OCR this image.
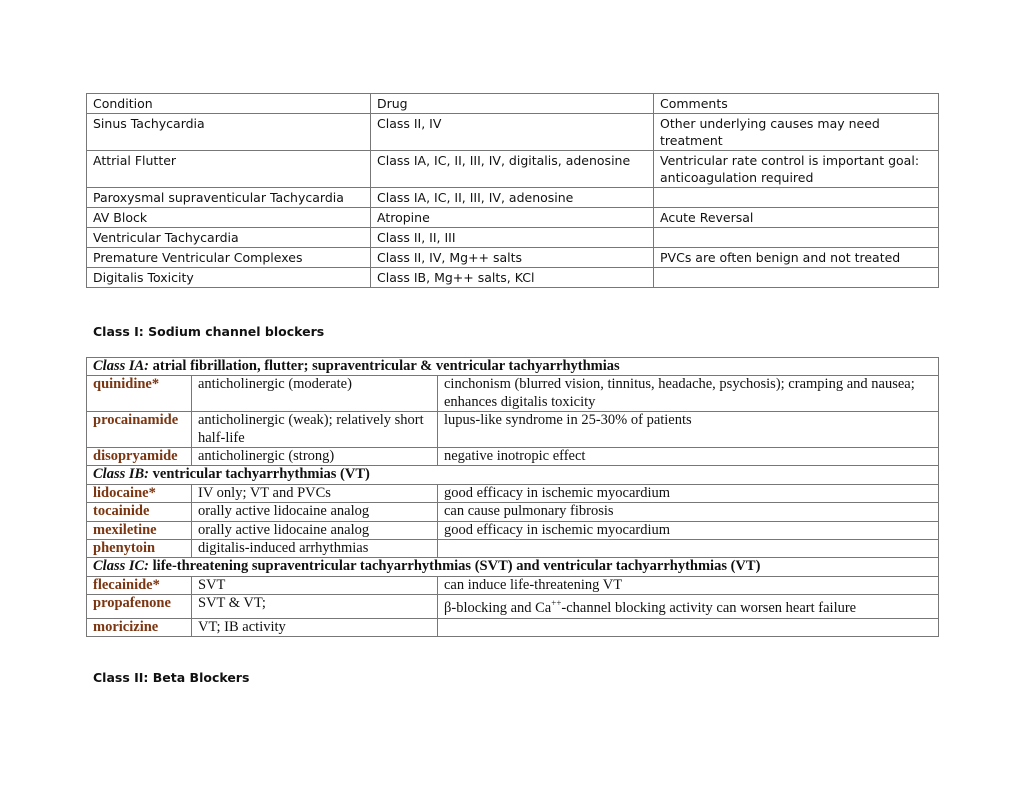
Condition	Drug	Comments
Sinus Tachycardia	Class II, IV	Other underlying causes may need treatment
Attrial Flutter	Class IA, IC, II, III, IV, digitalis, adenosine	Ventricular rate control is important goal: anticoagulation required
Paroxysmal supraventicular Tachycardia	Class IA, IC, II, III, IV, adenosine	
AV Block	Atropine	Acute Reversal
Ventricular Tachycardia	Class II, II, III	
Premature Ventricular Complexes	Class II, IV, Mg++ salts	PVCs are often benign and not treated
Digitalis Toxicity	Class IB, Mg++ salts, KCl	
Class I: Sodium channel blockers
Class IA: atrial fibrillation, flutter; supraventricular & ventricular tachyarrhythmias		
quinidine*	anticholinergic (moderate)	cinchonism (blurred vision, tinnitus, headache, psychosis); cramping and nausea; enhances digitalis toxicity
procainamide	anticholinergic (weak); relatively short half-life	lupus-like syndrome in 25-30% of patients
disopryamide	anticholinergic (strong)	negative inotropic effect
Class IB: ventricular tachyarrhythmias (VT)		
lidocaine*	IV only; VT and PVCs	good efficacy in ischemic myocardium
tocainide	orally active lidocaine analog	can cause pulmonary fibrosis
mexiletine	orally active lidocaine analog	good efficacy in ischemic myocardium
phenytoin	digitalis-induced arrhythmias	
Class IC: life-threatening supraventricular tachyarrhythmias (SVT) and ventricular tachyarrhythmias (VT)		
flecainide*	SVT	can induce life-threatening VT
propafenone	SVT & VT;	β-blocking and Ca++-channel blocking activity can worsen heart failure
moricizine	VT; IB activity	
Class II: Beta Blockers
